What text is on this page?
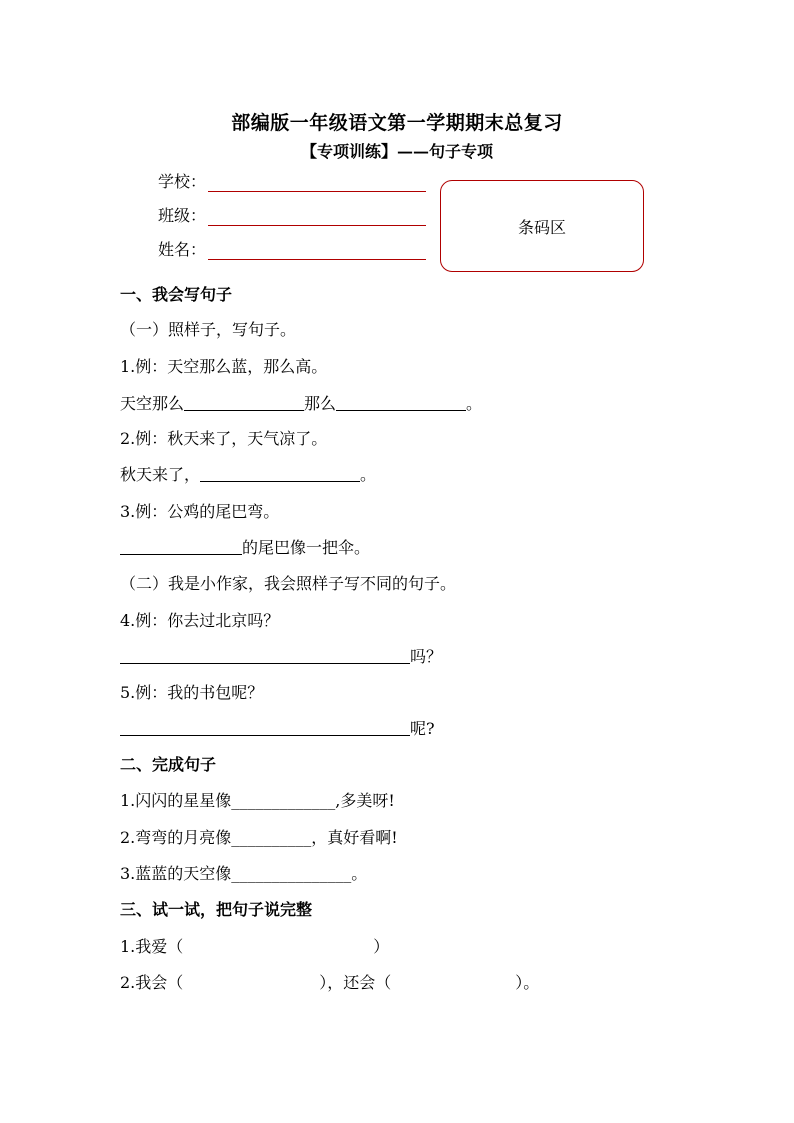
部编版一年级语文第一学期期末总复习
【专项训练】——句子专项
学校：
班级：
姓名：
条码区
一、我会写句子
（一）照样子，写句子。
1.例：天空那么蓝，那么高。
天空那么	那么	。
2.例：秋天来了，天气凉了。
秋天来了，	。
3.例：公鸡的尾巴弯。
的尾巴像一把伞。
（二）我是小作家，我会照样子写不同的句子。
4.例：你去过北京吗？
吗？
5.例：我的书包呢？
呢?
二、完成句子
1.闪闪的星星像_____________,多美呀!
2.弯弯的月亮像__________，真好看啊!
3.蓝蓝的天空像_______________。
三、试一试，把句子说完整
1.我爱（	）
2.我会（	），还会（	）。
